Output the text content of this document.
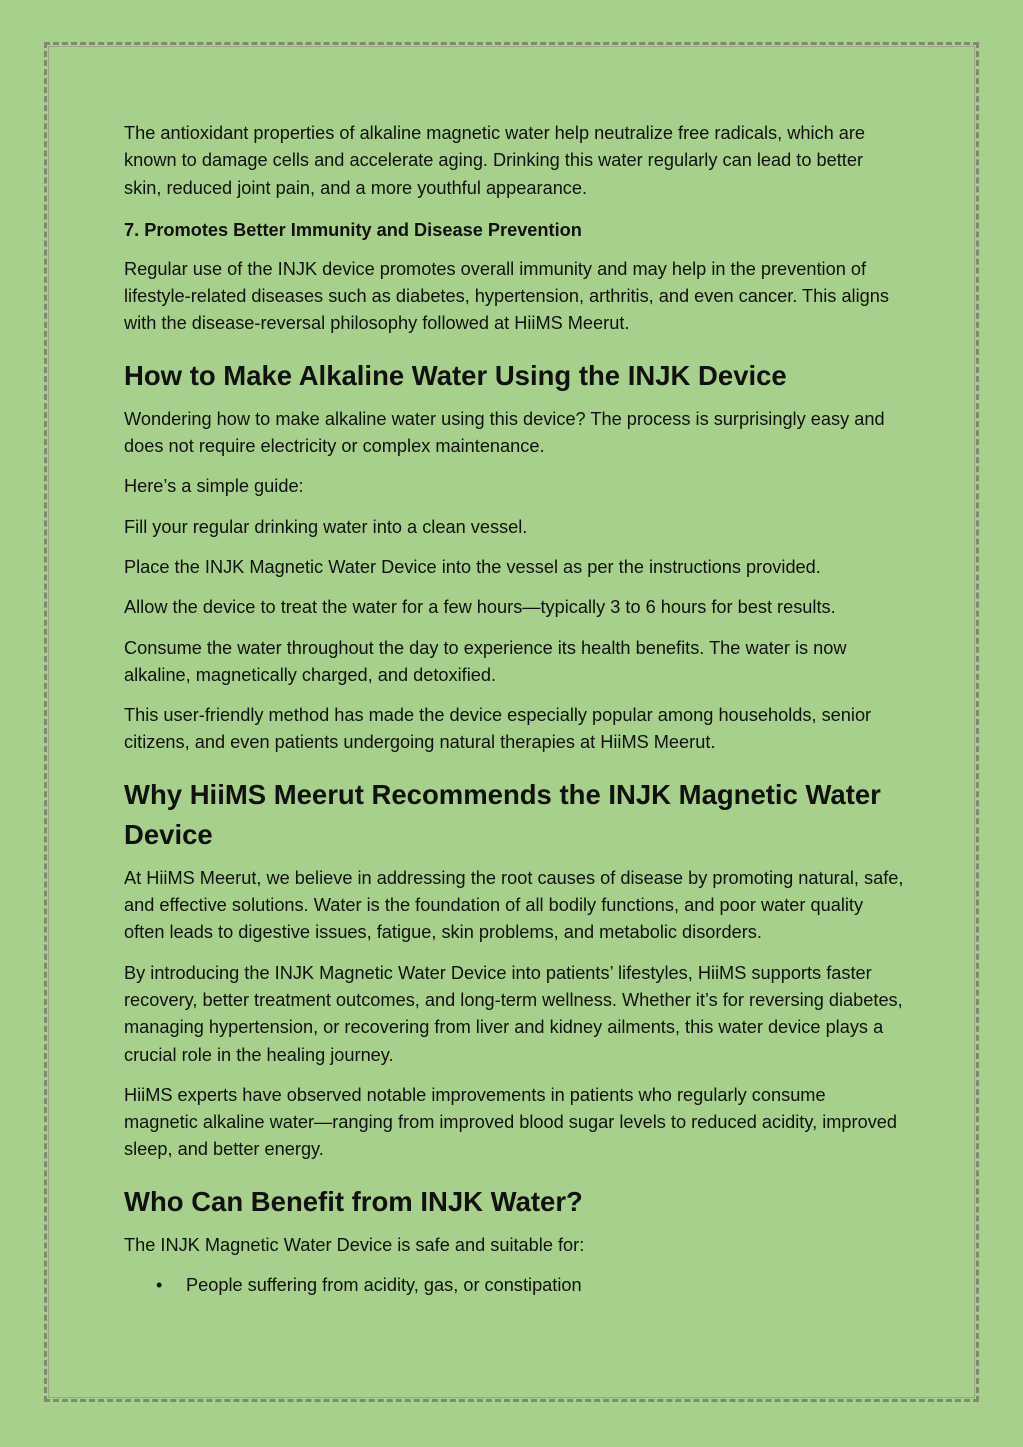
The antioxidant properties of alkaline magnetic water help neutralize free radicals, which are known to damage cells and accelerate aging. Drinking this water regularly can lead to better skin, reduced joint pain, and a more youthful appearance.

7. Promotes Better Immunity and Disease Prevention

Regular use of the INJK device promotes overall immunity and may help in the prevention of lifestyle-related diseases such as diabetes, hypertension, arthritis, and even cancer. This aligns with the disease-reversal philosophy followed at HiiMS Meerut.

How to Make Alkaline Water Using the INJK Device

Wondering how to make alkaline water using this device? The process is surprisingly easy and does not require electricity or complex maintenance.

Here’s a simple guide:

Fill your regular drinking water into a clean vessel.

Place the INJK Magnetic Water Device into the vessel as per the instructions provided.

Allow the device to treat the water for a few hours—typically 3 to 6 hours for best results.

Consume the water throughout the day to experience its health benefits. The water is now alkaline, magnetically charged, and detoxified.

This user-friendly method has made the device especially popular among households, senior citizens, and even patients undergoing natural therapies at HiiMS Meerut.

Why HiiMS Meerut Recommends the INJK Magnetic Water Device

At HiiMS Meerut, we believe in addressing the root causes of disease by promoting natural, safe, and effective solutions. Water is the foundation of all bodily functions, and poor water quality often leads to digestive issues, fatigue, skin problems, and metabolic disorders.

By introducing the INJK Magnetic Water Device into patients’ lifestyles, HiiMS supports faster recovery, better treatment outcomes, and long-term wellness. Whether it’s for reversing diabetes, managing hypertension, or recovering from liver and kidney ailments, this water device plays a crucial role in the healing journey.

HiiMS experts have observed notable improvements in patients who regularly consume magnetic alkaline water—ranging from improved blood sugar levels to reduced acidity, improved sleep, and better energy.

Who Can Benefit from INJK Water?

The INJK Magnetic Water Device is safe and suitable for:

• People suffering from acidity, gas, or constipation
